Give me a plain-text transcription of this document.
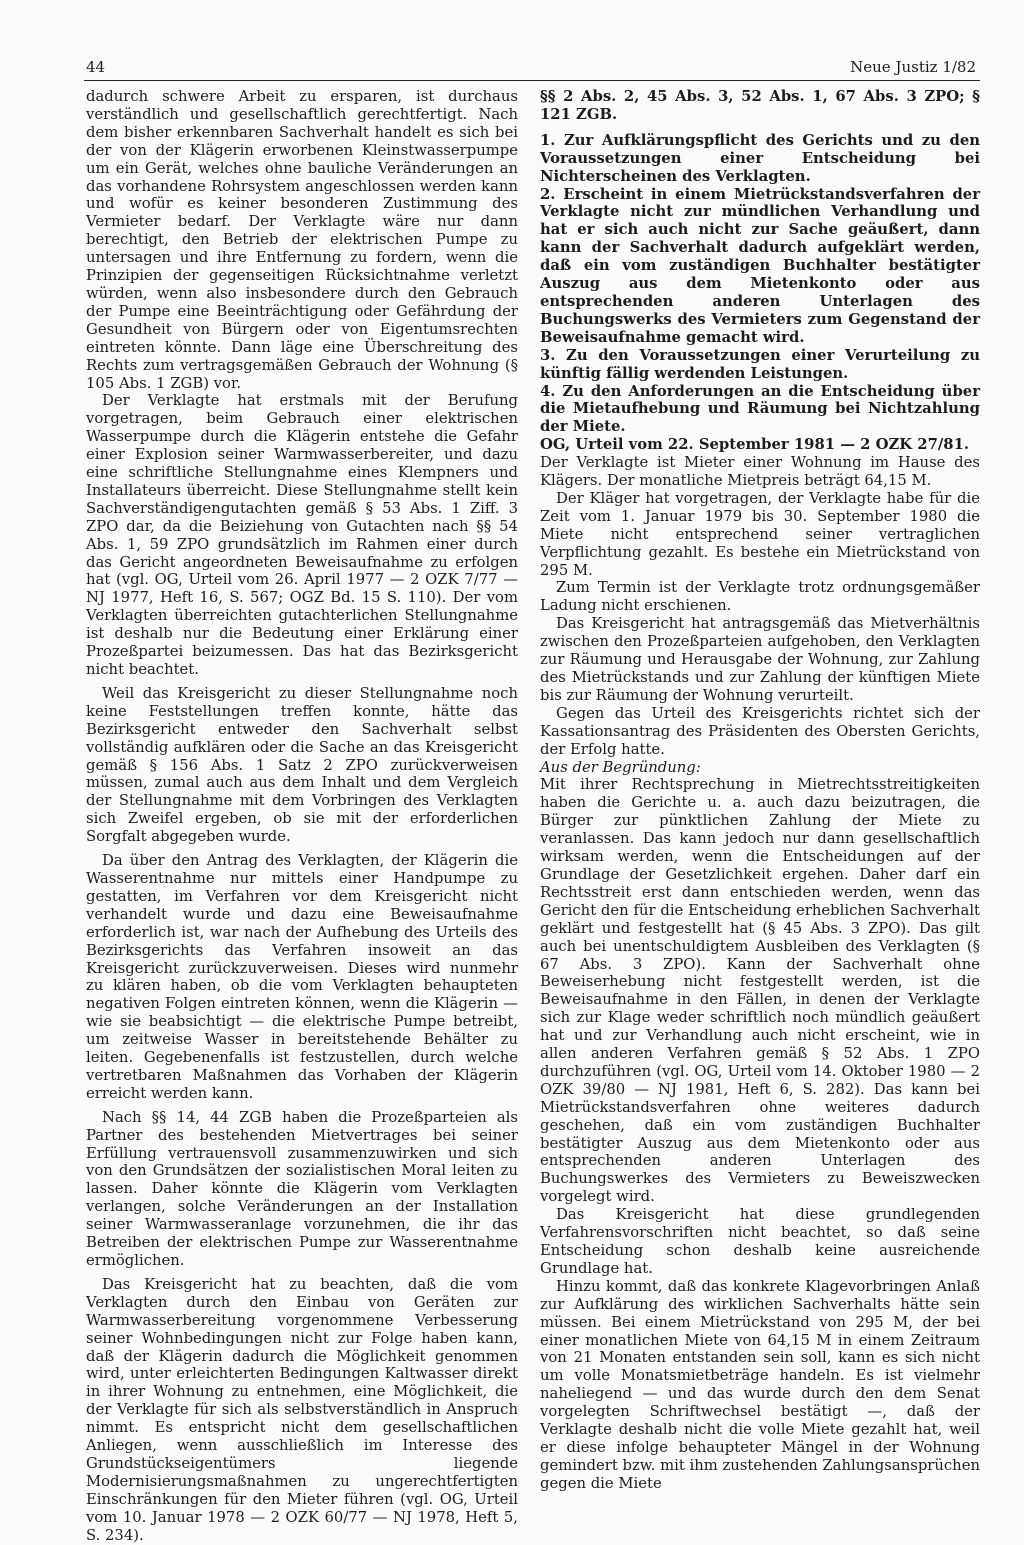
44	Neue Justiz 1/82

dadurch schwere Arbeit zu ersparen, ist durchaus verständlich und gesellschaftlich gerechtfertigt. Nach dem bisher erkennbaren Sachverhalt handelt es sich bei der von der Klägerin erworbenen Kleinstwasserpumpe um ein Gerät, welches ohne bauliche Veränderungen an das vorhandene Rohrsystem angeschlossen werden kann und wofür es keiner besonderen Zustimmung des Vermieter bedarf. Der Verklagte wäre nur dann berechtigt, den Betrieb der elektrischen Pumpe zu untersagen und ihre Entfernung zu fordern, wenn die Prinzipien der gegenseitigen Rücksichtnahme verletzt würden, wenn also insbesondere durch den Gebrauch der Pumpe eine Beeinträchtigung oder Gefährdung der Gesundheit von Bürgern oder von Eigentumsrechten eintreten könnte. Dann läge eine Überschreitung des Rechts zum vertragsgemäßen Gebrauch der Wohnung (§ 105 Abs. 1 ZGB) vor.

Der Verklagte hat erstmals mit der Berufung vorgetragen, beim Gebrauch einer elektrischen Wasserpumpe durch die Klägerin entstehe die Gefahr einer Explosion seiner Warmwasserbereiter, und dazu eine schriftliche Stellungnahme eines Klempners und Installateurs überreicht. Diese Stellungnahme stellt kein Sachverständigengutachten gemäß § 53 Abs. 1 Ziff. 3 ZPO dar, da die Beiziehung von Gutachten nach §§ 54 Abs. 1, 59 ZPO grundsätzlich im Rahmen einer durch das Gericht angeordneten Beweisaufnahme zu erfolgen hat (vgl. OG, Urteil vom 26. April 1977 — 2 OZK 7/77 — NJ 1977, Heft 16, S. 567; OGZ Bd. 15 S. 110). Der vom Verklagten überreichten gutachterlichen Stellungnahme ist deshalb nur die Bedeutung einer Erklärung einer Prozeßpartei beizumessen. Das hat das Bezirksgericht nicht beachtet.

Weil das Kreisgericht zu dieser Stellungnahme noch keine Feststellungen treffen konnte, hätte das Bezirksgericht entweder den Sachverhalt selbst vollständig aufklären oder die Sache an das Kreisgericht gemäß § 156 Abs. 1 Satz 2 ZPO zurückverweisen müssen, zumal auch aus dem Inhalt und dem Vergleich der Stellungnahme mit dem Vorbringen des Verklagten sich Zweifel ergeben, ob sie mit der erforderlichen Sorgfalt abgegeben wurde.

Da über den Antrag des Verklagten, der Klägerin die Wasserentnahme nur mittels einer Handpumpe zu gestatten, im Verfahren vor dem Kreisgericht nicht verhandelt wurde und dazu eine Beweisaufnahme erforderlich ist, war nach der Aufhebung des Urteils des Bezirksgerichts das Verfahren insoweit an das Kreisgericht zurückzuverweisen. Dieses wird nunmehr zu klären haben, ob die vom Verklagten behaupteten negativen Folgen eintreten können, wenn die Klägerin — wie sie beabsichtigt — die elektrische Pumpe betreibt, um zeitweise Wasser in bereitstehende Behälter zu leiten. Gegebenenfalls ist festzustellen, durch welche vertretbaren Maßnahmen das Vorhaben der Klägerin erreicht werden kann.

Nach §§ 14, 44 ZGB haben die Prozeßparteien als Partner des bestehenden Mietvertrages bei seiner Erfüllung vertrauensvoll zusammenzuwirken und sich von den Grundsätzen der sozialistischen Moral leiten zu lassen. Daher könnte die Klägerin vom Verklagten verlangen, solche Veränderungen an der Installation seiner Warmwasseranlage vorzunehmen, die ihr das Betreiben der elektrischen Pumpe zur Wasserentnahme ermöglichen.

Das Kreisgericht hat zu beachten, daß die vom Verklagten durch den Einbau von Geräten zur Warmwasserbereitung vorgenommene Verbesserung seiner Wohnbedingungen nicht zur Folge haben kann, daß der Klägerin dadurch die Möglichkeit genommen wird, unter erleichterten Bedingungen Kaltwasser direkt in ihrer Wohnung zu entnehmen, eine Möglichkeit, die der Verklagte für sich als selbstverständlich in Anspruch nimmt. Es entspricht nicht dem gesellschaftlichen Anliegen, wenn ausschließlich im Interesse des Grundstückseigentümers liegende Modernisierungsmaßnahmen zu ungerechtfertigten Einschränkungen für den Mieter führen (vgl. OG, Urteil vom 10. Januar 1978 — 2 OZK 60/77 — NJ 1978, Heft 5, S. 234).

§§ 2 Abs. 2, 45 Abs. 3, 52 Abs. 1, 67 Abs. 3 ZPO; § 121 ZGB.

1. Zur Aufklärungspflicht des Gerichts und zu den Voraussetzungen einer Entscheidung bei Nichterscheinen des Verklagten.

2. Erscheint in einem Mietrückstandsverfahren der Verklagte nicht zur mündlichen Verhandlung und hat er sich auch nicht zur Sache geäußert, dann kann der Sachverhalt dadurch aufgeklärt werden, daß ein vom zuständigen Buchhalter bestätigter Auszug aus dem Mietenkonto oder aus entsprechenden anderen Unterlagen des Buchungswerks des Vermieters zum Gegenstand der Beweisaufnahme gemacht wird.

3. Zu den Voraussetzungen einer Verurteilung zu künftig fällig werdenden Leistungen.

4. Zu den Anforderungen an die Entscheidung über die Mietaufhebung und Räumung bei Nichtzahlung der Miete.

OG, Urteil vom 22. September 1981 — 2 OZK 27/81.

Der Verklagte ist Mieter einer Wohnung im Hause des Klägers. Der monatliche Mietpreis beträgt 64,15 M.

Der Kläger hat vorgetragen, der Verklagte habe für die Zeit vom 1. Januar 1979 bis 30. September 1980 die Miete nicht entsprechend seiner vertraglichen Verpflichtung gezahlt. Es bestehe ein Mietrückstand von 295 M.

Zum Termin ist der Verklagte trotz ordnungsgemäßer Ladung nicht erschienen.

Das Kreisgericht hat antragsgemäß das Mietverhältnis zwischen den Prozeßparteien aufgehoben, den Verklagten zur Räumung und Herausgabe der Wohnung, zur Zahlung des Mietrückstands und zur Zahlung der künftigen Miete bis zur Räumung der Wohnung verurteilt.

Gegen das Urteil des Kreisgerichts richtet sich der Kassationsantrag des Präsidenten des Obersten Gerichts, der Erfolg hatte.

Aus der Begründung:

Mit ihrer Rechtsprechung in Mietrechtsstreitigkeiten haben die Gerichte u. a. auch dazu beizutragen, die Bürger zur pünktlichen Zahlung der Miete zu veranlassen. Das kann jedoch nur dann gesellschaftlich wirksam werden, wenn die Entscheidungen auf der Grundlage der Gesetzlichkeit ergehen. Daher darf ein Rechtsstreit erst dann entschieden werden, wenn das Gericht den für die Entscheidung erheblichen Sachverhalt geklärt und festgestellt hat (§ 45 Abs. 3 ZPO). Das gilt auch bei unentschuldigtem Ausbleiben des Verklagten (§ 67 Abs. 3 ZPO). Kann der Sachverhalt ohne Beweiserhebung nicht festgestellt werden, ist die Beweisaufnahme in den Fällen, in denen der Verklagte sich zur Klage weder schriftlich noch mündlich geäußert hat und zur Verhandlung auch nicht erscheint, wie in allen anderen Verfahren gemäß § 52 Abs. 1 ZPO durchzuführen (vgl. OG, Urteil vom 14. Oktober 1980 — 2 OZK 39/80 — NJ 1981, Heft 6, S. 282). Das kann bei Mietrückstandsverfahren ohne weiteres dadurch geschehen, daß ein vom zuständigen Buchhalter bestätigter Auszug aus dem Mietenkonto oder aus entsprechenden anderen Unterlagen des Buchungswerkes des Vermieters zu Beweiszwecken vorgelegt wird.

Das Kreisgericht hat diese grundlegenden Verfahrensvorschriften nicht beachtet, so daß seine Entscheidung schon deshalb keine ausreichende Grundlage hat.

Hinzu kommt, daß das konkrete Klagevorbringen Anlaß zur Aufklärung des wirklichen Sachverhalts hätte sein müssen. Bei einem Mietrückstand von 295 M, der bei einer monatlichen Miete von 64,15 M in einem Zeitraum von 21 Monaten entstanden sein soll, kann es sich nicht um volle Monatsmietbeträge handeln. Es ist vielmehr naheliegend — und das wurde durch den dem Senat vorgelegten Schriftwechsel bestätigt —, daß der Verklagte deshalb nicht die volle Miete gezahlt hat, weil er diese infolge behaupteter Mängel in der Wohnung gemindert bzw. mit ihm zustehenden Zahlungsansprüchen gegen die Miete
